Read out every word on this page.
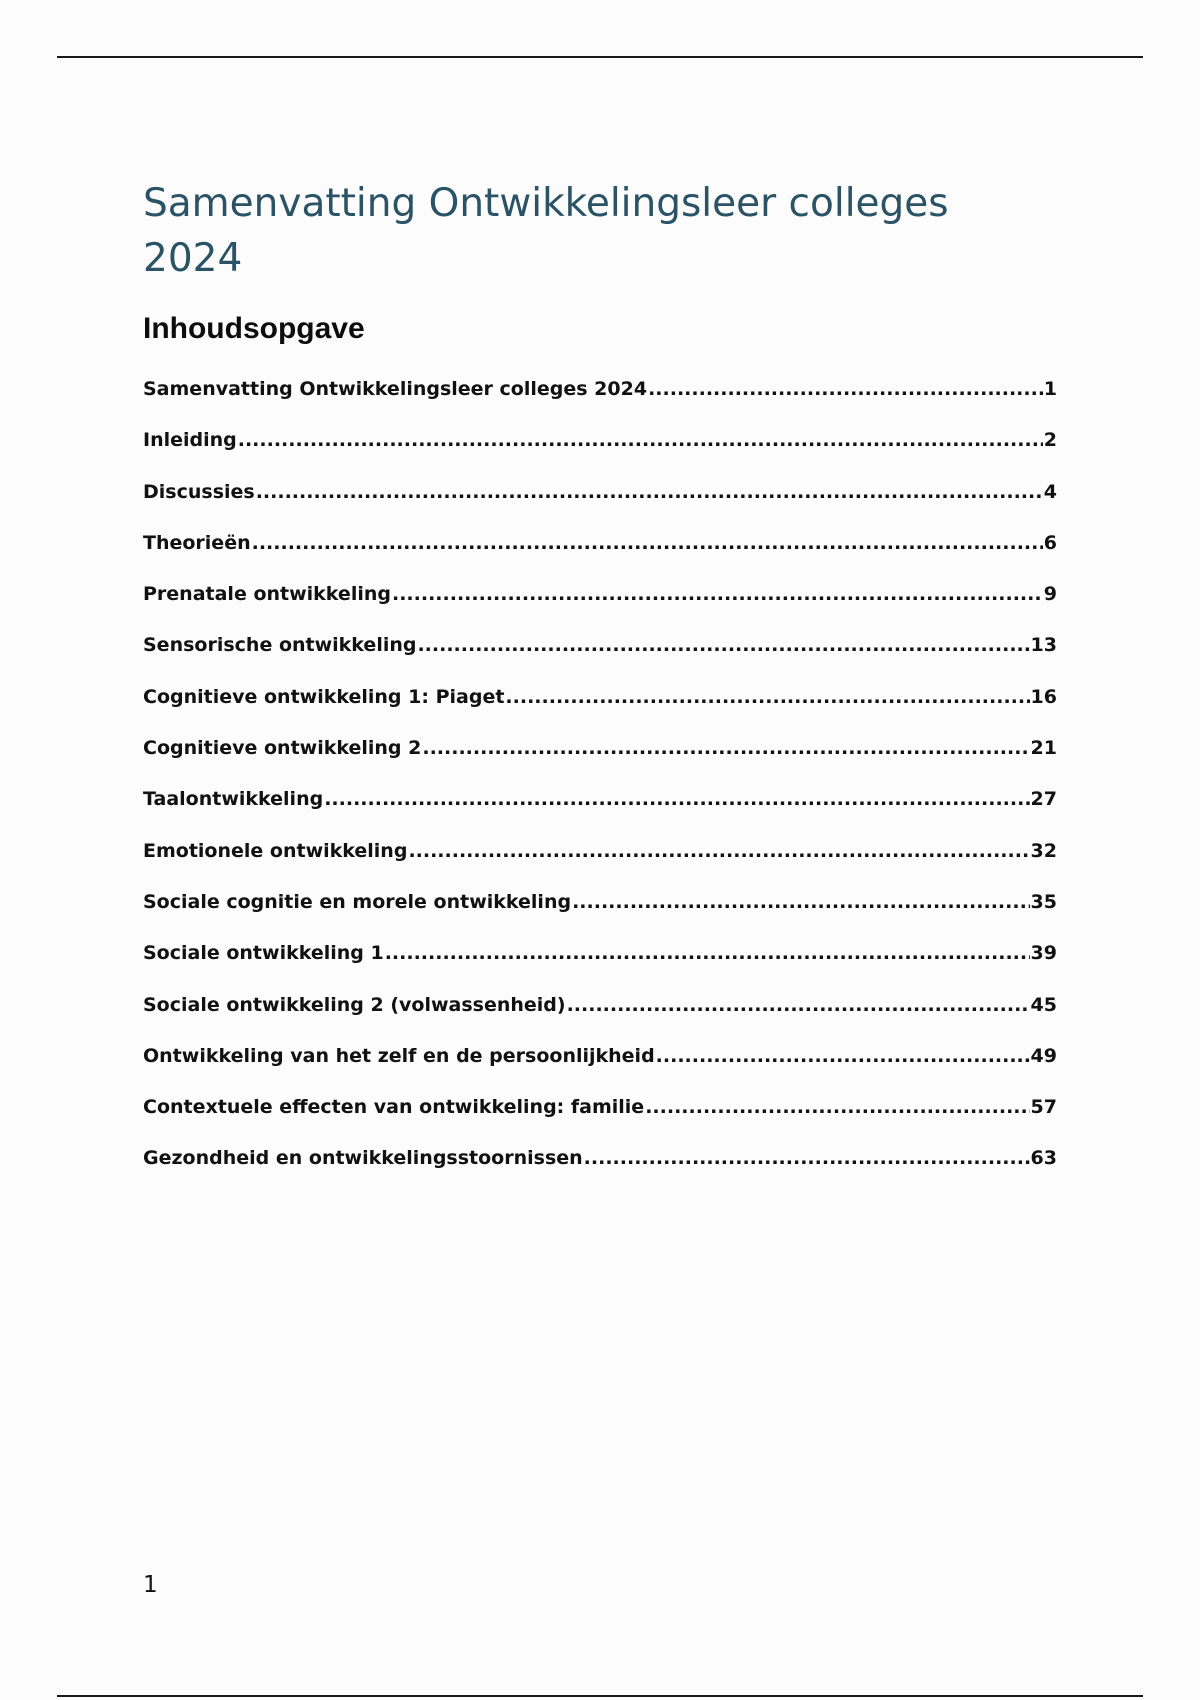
Samenvatting Ontwikkelingsleer colleges 2024
Inhoudsopgave
Samenvatting Ontwikkelingsleer colleges 2024 .....	1
Inleiding .....	2
Discussies .....	4
Theorieën .....	6
Prenatale ontwikkeling .....	9
Sensorische ontwikkeling .....	13
Cognitieve ontwikkeling 1: Piaget .....	16
Cognitieve ontwikkeling 2 .....	21
Taalontwikkeling .....	27
Emotionele ontwikkeling .....	32
Sociale cognitie en morele ontwikkeling .....	35
Sociale ontwikkeling 1 .....	39
Sociale ontwikkeling 2 (volwassenheid) .....	45
Ontwikkeling van het zelf en de persoonlijkheid .....	49
Contextuele effecten van ontwikkeling: familie .....	57
Gezondheid en ontwikkelingsstoornissen .....	63
1
